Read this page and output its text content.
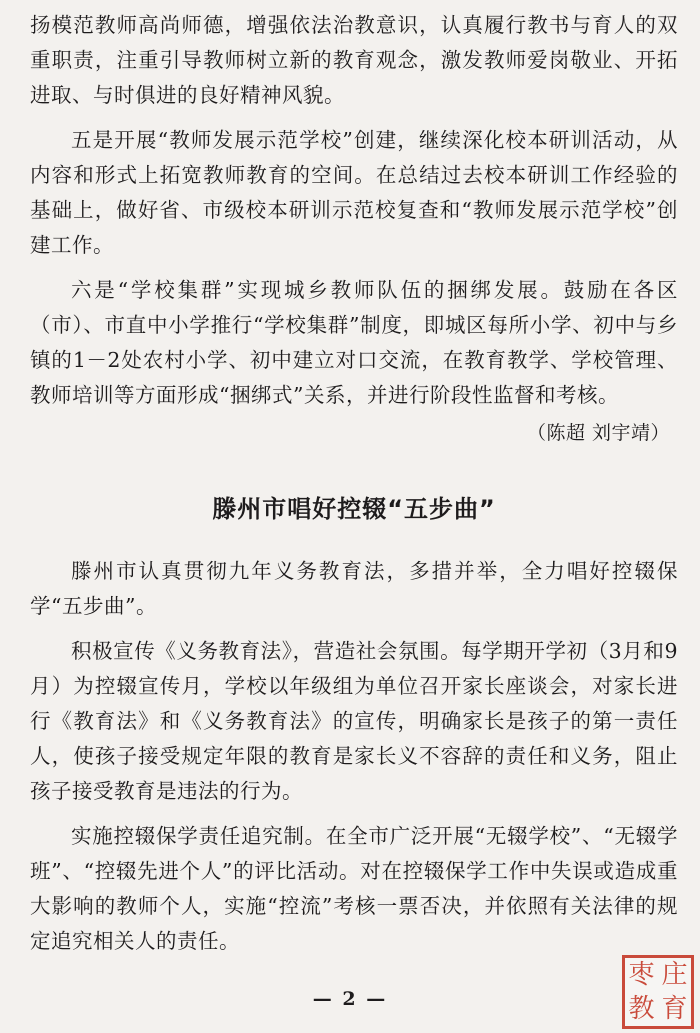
扬模范教师高尚师德，增强依法治教意识，认真履行教书与育人的双重职责，注重引导教师树立新的教育观念，激发教师爱岗敬业、开拓进取、与时俱进的良好精神风貌。

五是开展“教师发展示范学校”创建，继续深化校本研训活动，从内容和形式上拓宽教师教育的空间。在总结过去校本研训工作经验的基础上，做好省、市级校本研训示范校复查和“教师发展示范学校”创建工作。

六是“学校集群”实现城乡教师队伍的捆绑发展。鼓励在各区（市）、市直中小学推行“学校集群”制度，即城区每所小学、初中与乡镇的1－2处农村小学、初中建立对口交流，在教育教学、学校管理、教师培训等方面形成“捆绑式”关系，并进行阶段性监督和考核。

（陈超 刘宇靖）
滕州市唱好控辍“五步曲”

滕州市认真贯彻九年义务教育法，多措并举，全力唱好控辍保学“五步曲”。

积极宣传《义务教育法》，营造社会氛围。每学期开学初（3月和9月）为控辍宣传月，学校以年级组为单位召开家长座谈会，对家长进行《教育法》和《义务教育法》的宣传，明确家长是孩子的第一责任人，使孩子接受规定年限的教育是家长义不容辞的责任和义务，阻止孩子接受教育是违法的行为。

实施控辍保学责任追究制。在全市广泛开展“无辍学校”、“无辍学班”、“控辍先进个人”的评比活动。对在控辍保学工作中失误或造成重大影响的教师个人，实施“控流”考核一票否决，并依照有关法律的规定追究相关人的责任。

— 2 —
枣 庄
教 育
